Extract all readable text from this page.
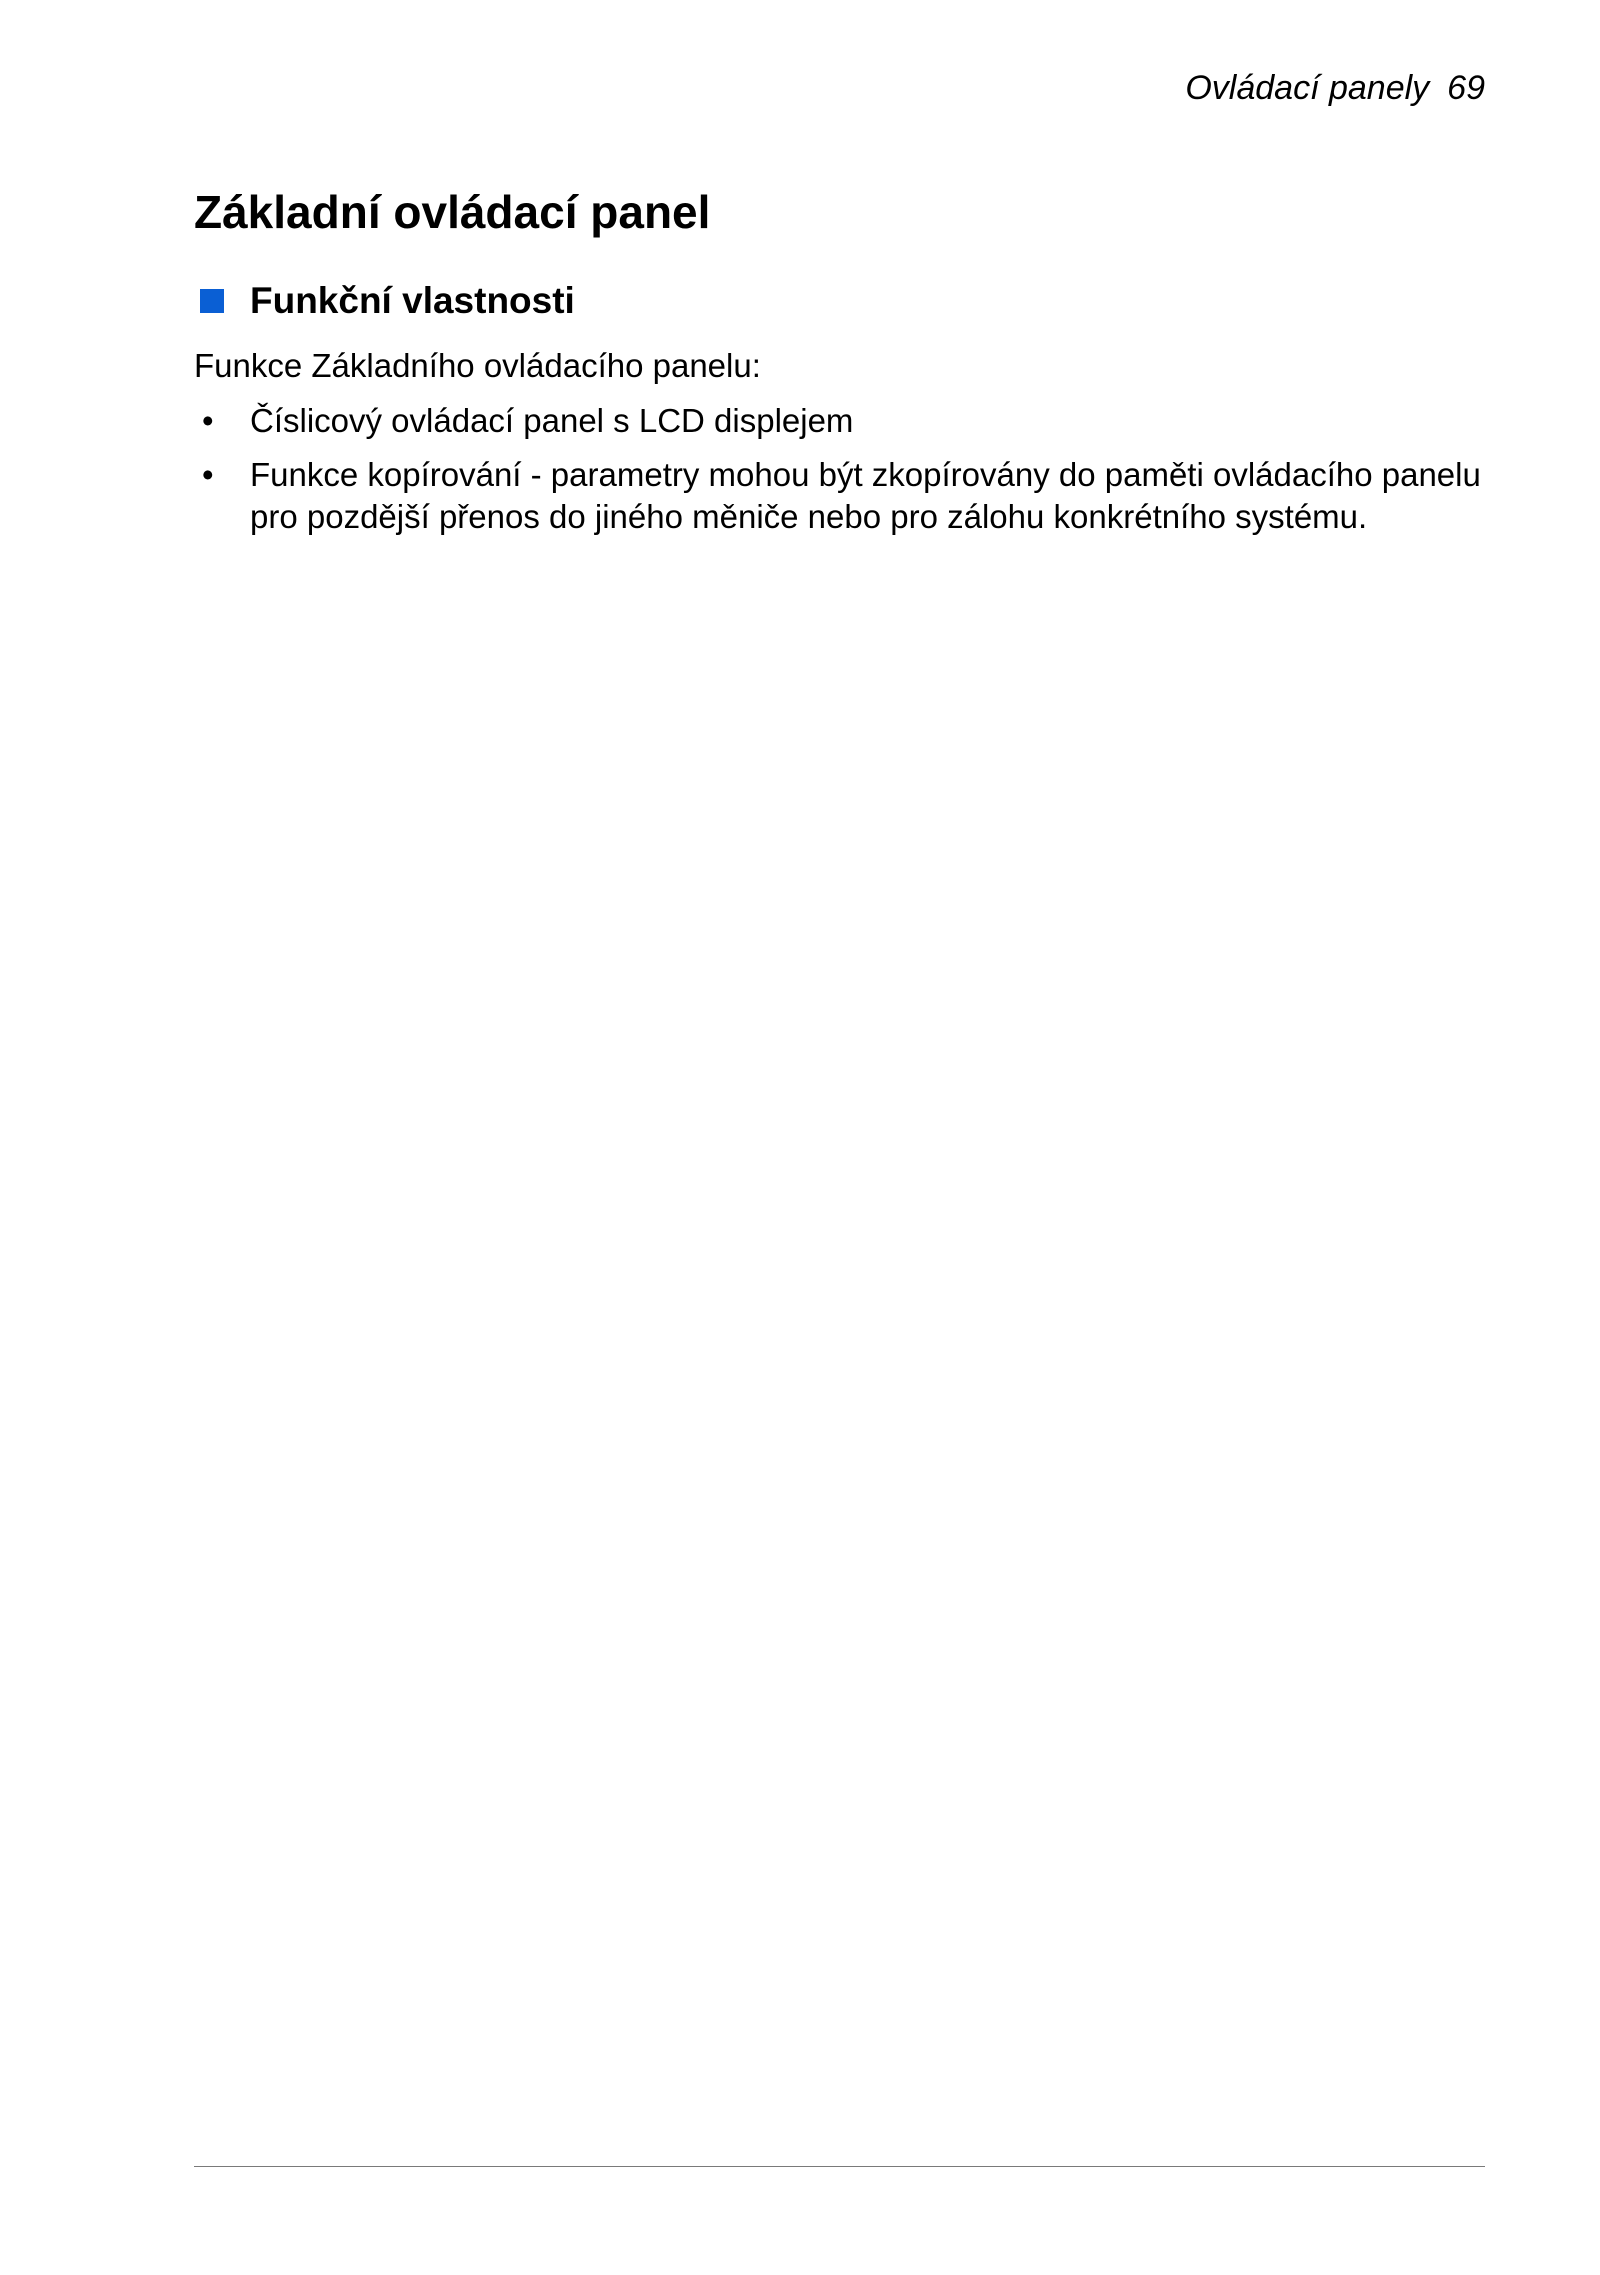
Ovládací panely 69
Základní ovládací panel
Funkční vlastnosti

Funkce Základního ovládacího panelu:

• Číslicový ovládací panel s LCD displejem
• Funkce kopírování - parametry mohou být zkopírovány do paměti ovládacího panelu pro pozdější přenos do jiného měniče nebo pro zálohu konkrétního systému.
